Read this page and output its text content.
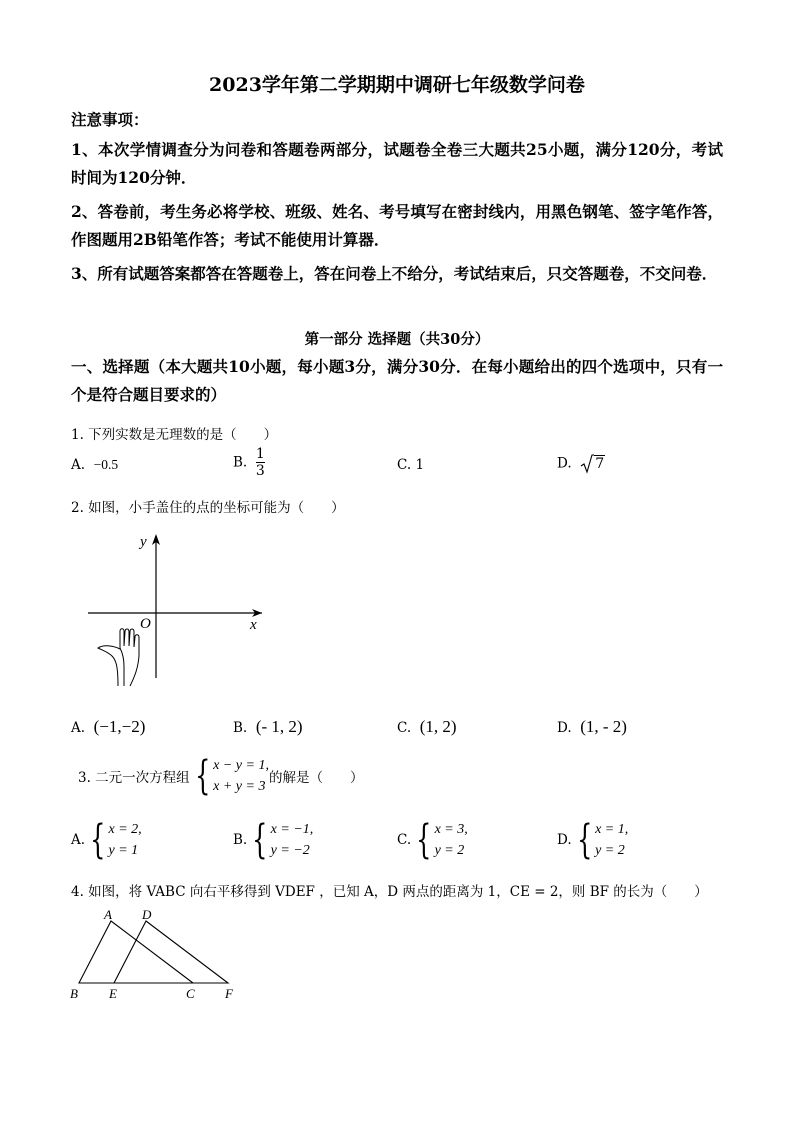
2023学年第二学期期中调研七年级数学问卷
注意事项：
1、本次学情调查分为问卷和答题卷两部分，试题卷全卷三大题共25小题，满分120分，考试时间为120分钟．
2、答卷前，考生务必将学校、班级、姓名、考号填写在密封线内，用黑色钢笔、签字笔作答，作图题用2B铅笔作答；考试不能使用计算器．
3、所有试题答案都答在答题卷上，答在问卷上不给分，考试结束后，只交答题卷，不交问卷．
第一部分 选择题（共30分）
一、选择题（本大题共10小题，每小题3分，满分30分．在每小题给出的四个选项中，只有一个是符合题目要求的）
1. 下列实数是无理数的是（　　）
A. −0.5	B. $\frac{1}{3}$	C. 1	D. 7
2. 如图，小手盖住的点的坐标可能为（　　）
y
x
O
A. (−1,−2)	B. (- 1, 2)	C. (1, 2)	D. (1, - 2)
3. 二元一次方程组 { x − y = 1,
x + y = 3
的解是（　　）
A. { x = 2,
y = 1
B. { x = −1,
y = −2
C. { x = 3,
y = 2
D. { x = 1,
y = 2
4. 如图，将 VABC 向右平移得到 VDEF ，已知 A，D 两点的距离为 1，CE = 2，则 BF 的长为（　　）
A D
B E	C F
